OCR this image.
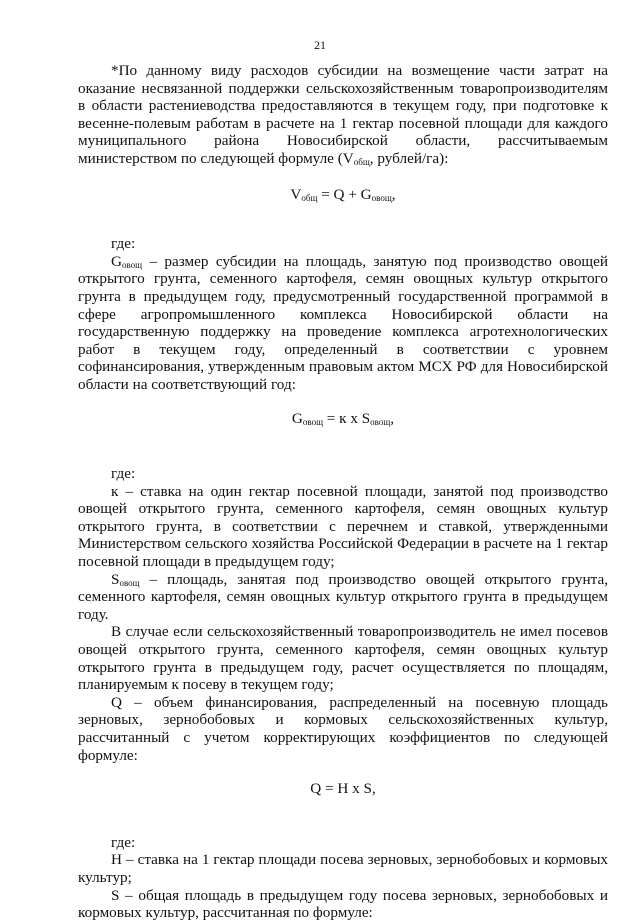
21

*По данному виду расходов субсидии на возмещение части затрат на оказание несвязанной поддержки сельскохозяйственным товаропроизводителям в области растениеводства предоставляются в текущем году, при подготовке к весенне-полевым работам в расчете на 1 гектар посевной площади для каждого муниципального района Новосибирской области, рассчитываемым министерством по следующей формуле ($V_{общ}$, рублей/га):

$V_{общ} = Q + G_{овощ}$,

где:

$G_{овощ}$ – размер субсидии на площадь, занятую под производство овощей открытого грунта, семенного картофеля, семян овощных культур открытого грунта в предыдущем году, предусмотренный государственной программой в сфере агропромышленного комплекса Новосибирской области на государственную поддержку на проведение комплекса агротехнологических работ в текущем году, определенный в соответствии с уровнем софинансирования, утвержденным правовым актом МСХ РФ для Новосибирской области на соответствующий год:

$G_{овощ} = к$ х $S_{овощ}$,

где:

к – ставка на один гектар посевной площади, занятой под производство овощей открытого грунта, семенного картофеля, семян овощных культур открытого грунта, в соответствии с перечнем и ставкой, утвержденными Министерством сельского хозяйства Российской Федерации в расчете на 1 гектар посевной площади в предыдущем году;

$S_{овощ}$ – площадь, занятая под производство овощей открытого грунта, семенного картофеля, семян овощных культур открытого грунта в предыдущем году.

В случае если сельскохозяйственный товаропроизводитель не имел посевов овощей открытого грунта, семенного картофеля, семян овощных культур открытого грунта в предыдущем году, расчет осуществляется по площадям, планируемым к посеву в текущем году;

Q – объем финансирования, распределенный на посевную площадь зерновых, зернобобовых и кормовых сельскохозяйственных культур, рассчитанный с учетом корректирующих коэффициентов по следующей формуле:

Q = H x S,

где:

H – ставка на 1 гектар площади посева зерновых, зернобобовых и кормовых культур;

S – общая площадь в предыдущем году посева зерновых, зернобобовых и кормовых культур, рассчитанная по формуле:
